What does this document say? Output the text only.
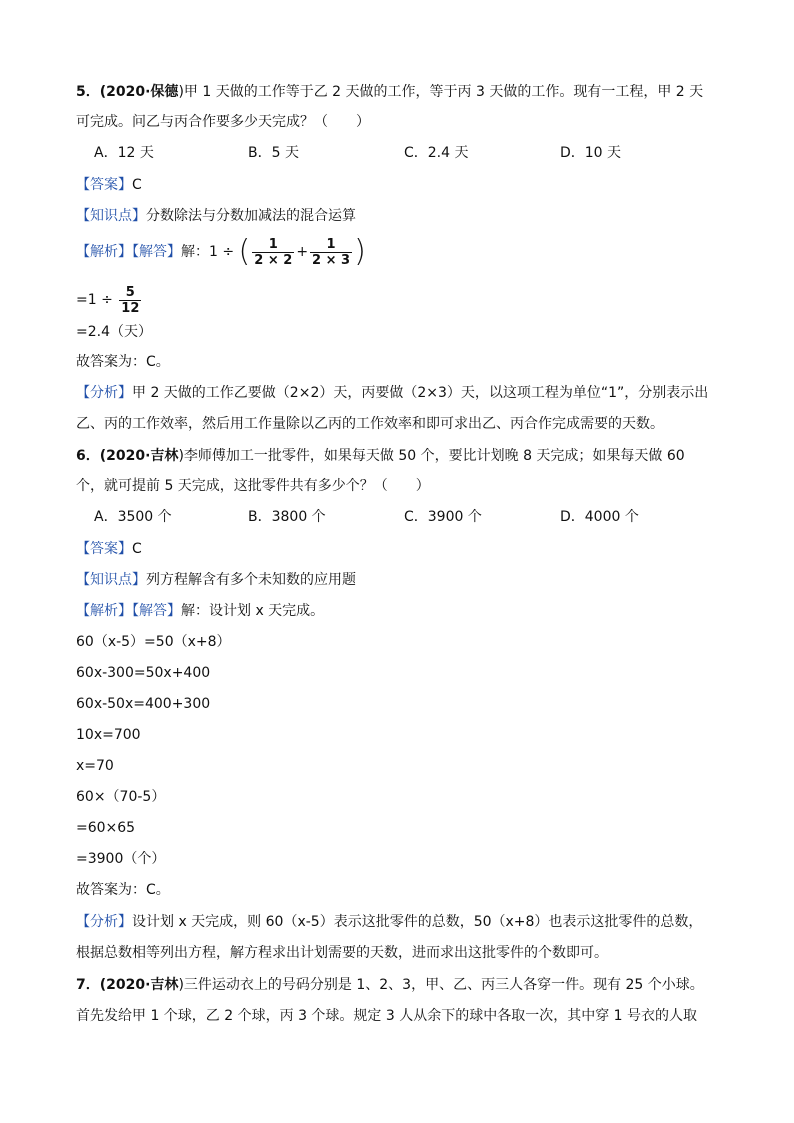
5．(2020·保德)甲 1 天做的工作等于乙 2 天做的工作，等于丙 3 天做的工作。现有一工程，甲 2 天
可完成。问乙与丙合作要多少天完成？（　　）
A．12 天	B．5 天	C．2.4 天	D．10 天
【答案】C
【知识点】分数除法与分数加减法的混合运算
【解析】【解答】解：1 ÷ ( $\frac{1}{2 \times 2} + \frac{1}{2 \times 3}$ )
$=1 \div \frac{5}{12}$
=2.4（天）
故答案为：C。
【分析】甲 2 天做的工作乙要做（2×2）天，丙要做（2×3）天，以这项工程为单位“1”，分别表示出
乙、丙的工作效率，然后用工作量除以乙丙的工作效率和即可求出乙、丙合作完成需要的天数。
6．(2020·吉林)李师傅加工一批零件，如果每天做 50 个，要比计划晚 8 天完成；如果每天做 60
个，就可提前 5 天完成，这批零件共有多少个？（　　）
A．3500 个	B．3800 个	C．3900 个	D．4000 个
【答案】C
【知识点】列方程解含有多个未知数的应用题
【解析】【解答】解：设计划 x 天完成。
60（x-5）=50（x+8）
60x-300=50x+400
60x-50x=400+300
10x=700
x=70
60×（70-5）
=60×65
=3900（个）
故答案为：C。
【分析】设计划 x 天完成，则 60（x-5）表示这批零件的总数，50（x+8）也表示这批零件的总数，
根据总数相等列出方程，解方程求出计划需要的天数，进而求出这批零件的个数即可。
7．(2020·吉林)三件运动衣上的号码分别是 1、2、3，甲、乙、丙三人各穿一件。现有 25 个小球。
首先发给甲 1 个球，乙 2 个球，丙 3 个球。规定 3 人从余下的球中各取一次，其中穿 1 号衣的人取
